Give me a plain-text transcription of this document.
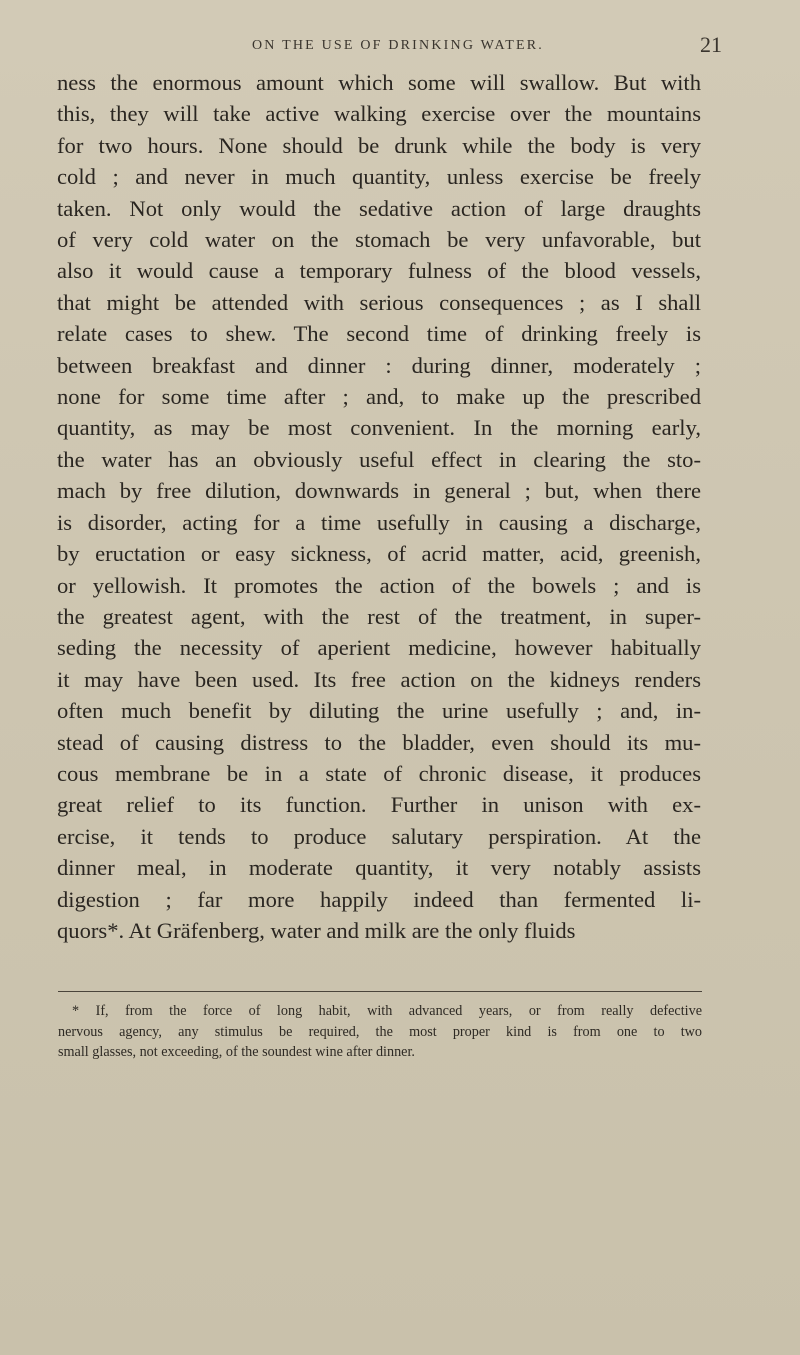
ON THE USE OF DRINKING WATER.	21
ness the enormous amount which some will swallow. But with
this, they will take active walking exercise over the mountains
for two hours. None should be drunk while the body is very
cold ; and never in much quantity, unless exercise be freely
taken. Not only would the sedative action of large draughts
of very cold water on the stomach be very unfavorable, but
also it would cause a temporary fulness of the blood vessels,
that might be attended with serious consequences ; as I shall
relate cases to shew. The second time of drinking freely is
between breakfast and dinner : during dinner, moderately ;
none for some time after ; and, to make up the prescribed
quantity, as may be most convenient. In the morning early,
the water has an obviously useful effect in clearing the sto-
mach by free dilution, downwards in general ; but, when there
is disorder, acting for a time usefully in causing a discharge,
by eructation or easy sickness, of acrid matter, acid, greenish,
or yellowish. It promotes the action of the bowels ; and is
the greatest agent, with the rest of the treatment, in super-
seding the necessity of aperient medicine, however habitually
it may have been used. Its free action on the kidneys renders
often much benefit by diluting the urine usefully ; and, in-
stead of causing distress to the bladder, even should its mu-
cous membrane be in a state of chronic disease, it produces
great relief to its function. Further in unison with ex-
ercise, it tends to produce salutary perspiration. At the
dinner meal, in moderate quantity, it very notably assists
digestion ; far more happily indeed than fermented li-
quors*. At Gräfenberg, water and milk are the only fluids
* If, from the force of long habit, with advanced years, or from really defective
nervous agency, any stimulus be required, the most proper kind is from one to two
small glasses, not exceeding, of the soundest wine after dinner.
